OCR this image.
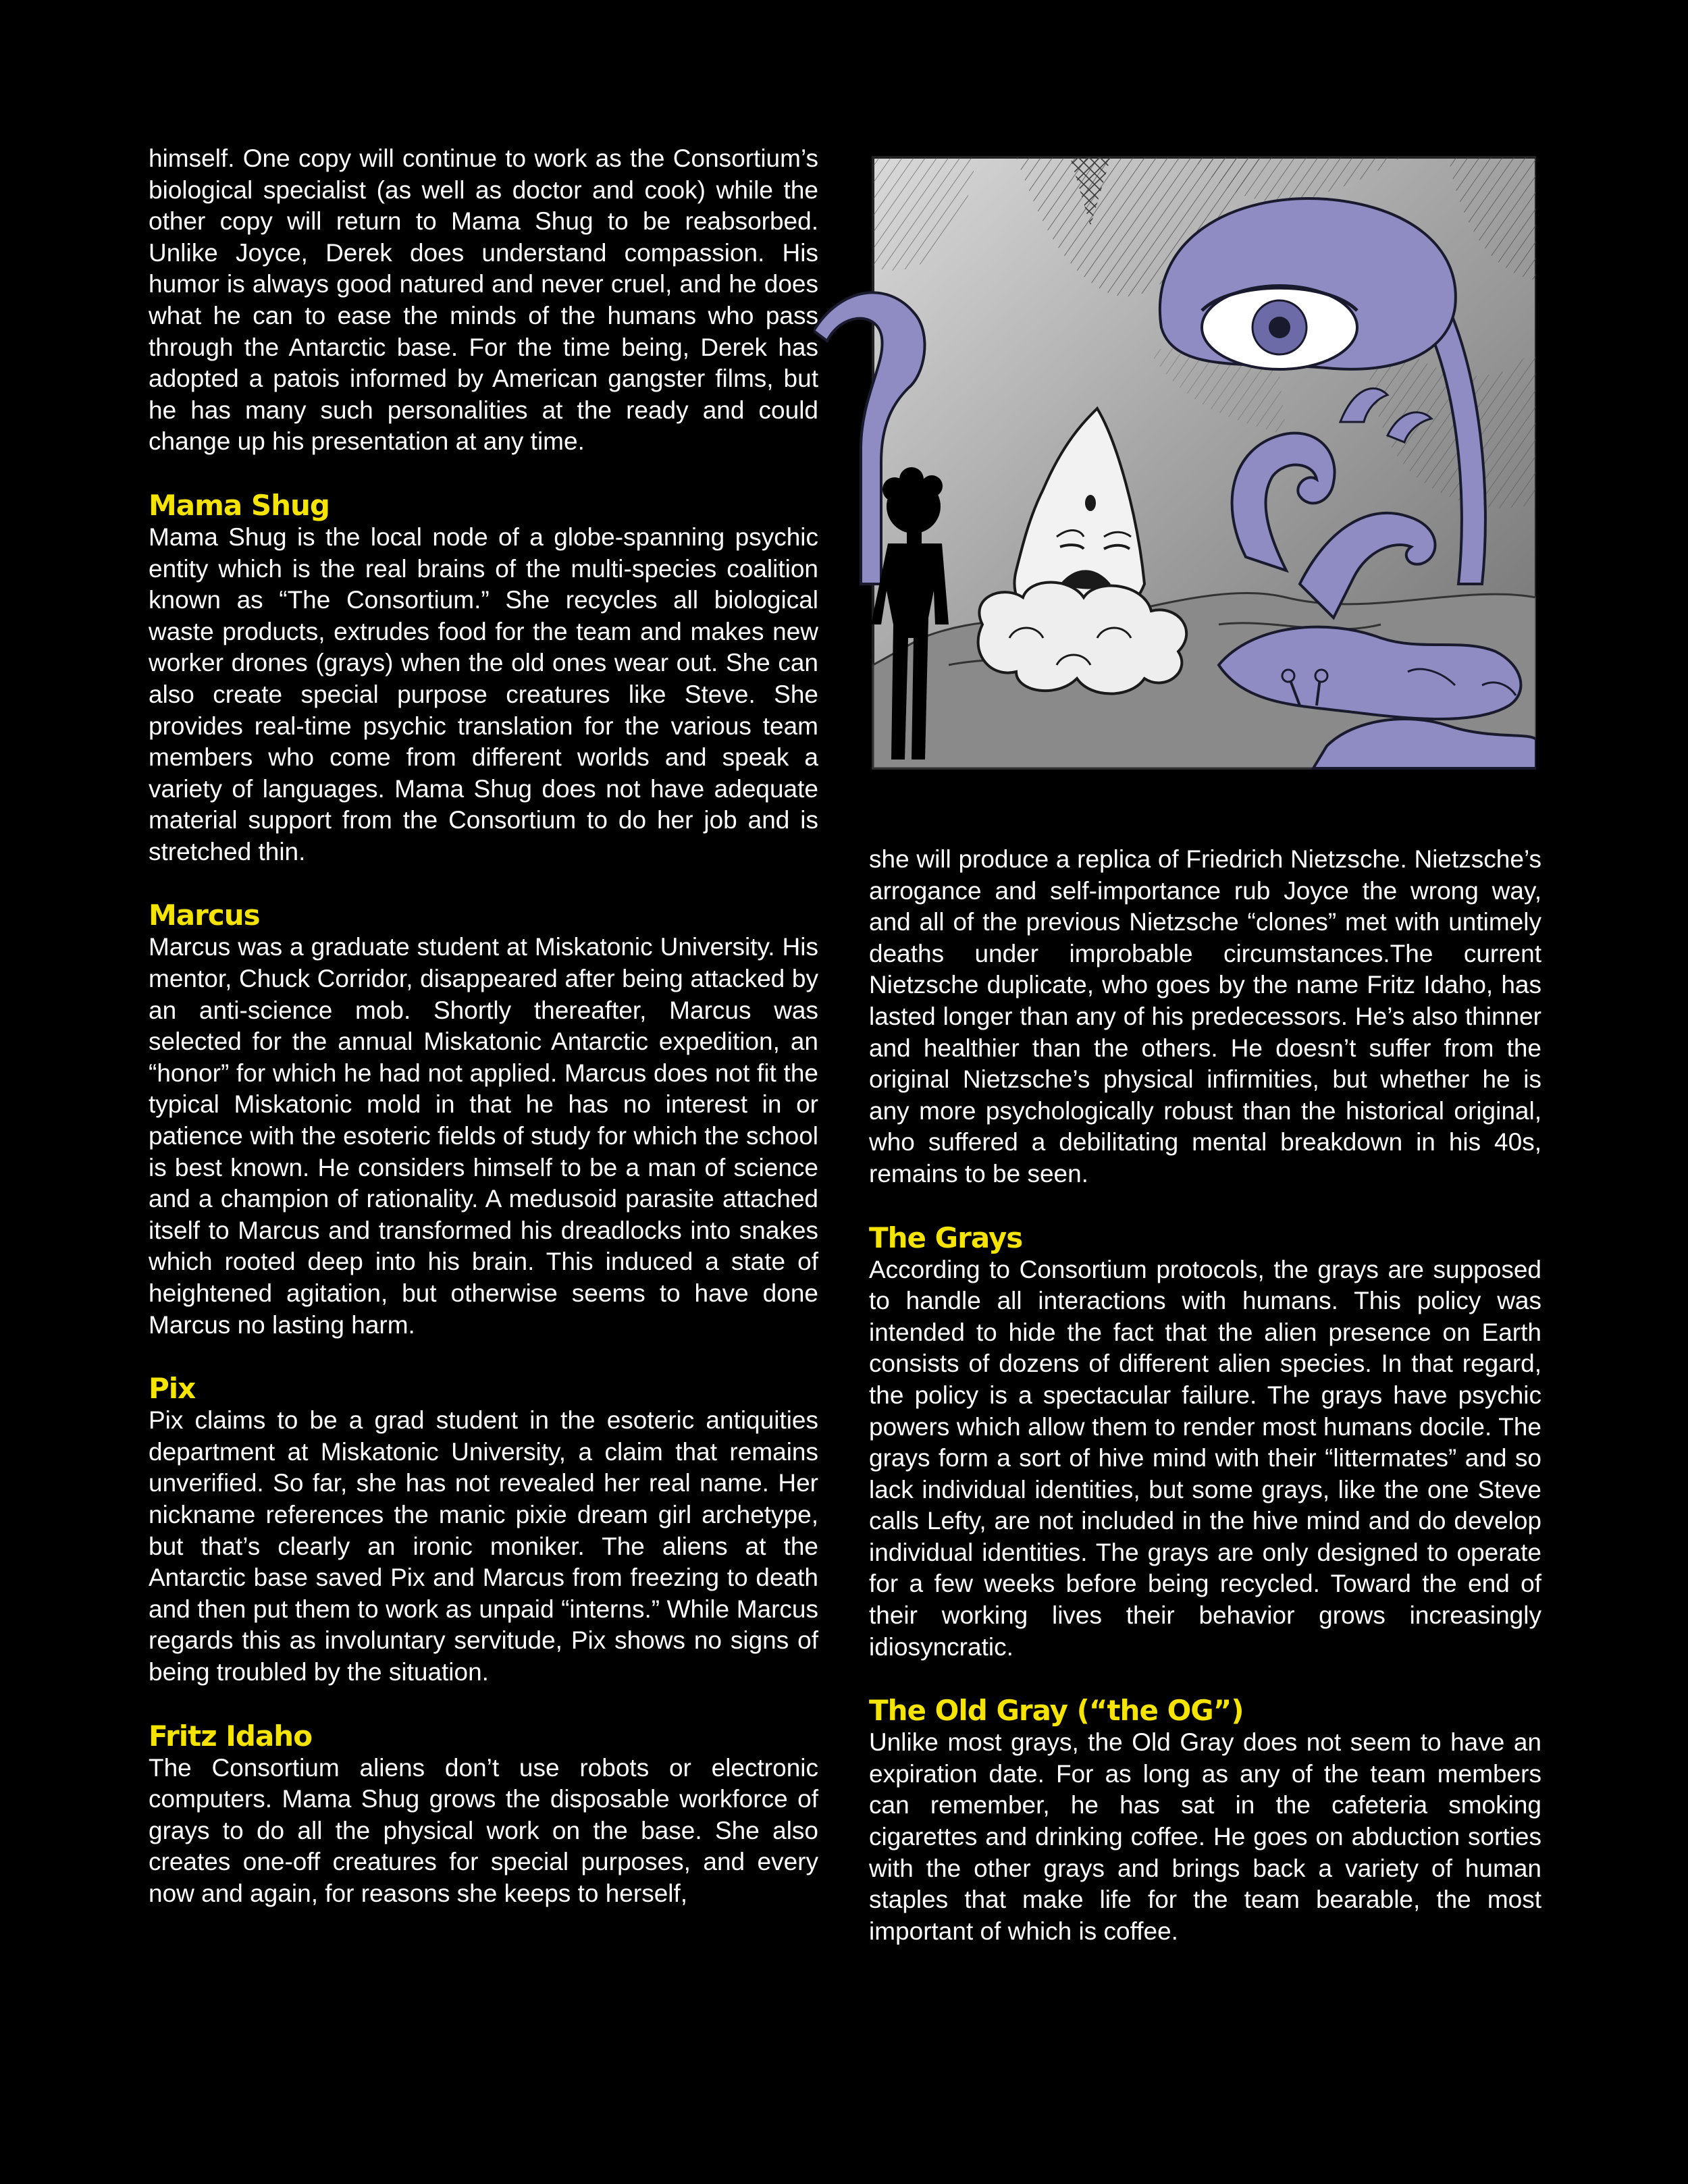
himself. One copy will continue to work as the Consortium’s biological specialist (as well as doctor and cook) while the other copy will return to Mama Shug to be reabsorbed. Unlike Joyce, Derek does understand compassion. His humor is always good natured and never cruel, and he does what he can to ease the minds of the humans who pass through the Antarctic base. For the time being, Derek has adopted a patois informed by American gangster films, but he has many such personalities at the ready and could change up his presentation at any time.

Mama Shug

Mama Shug is the local node of a globe-spanning psychic entity which is the real brains of the multi-species coalition known as “The Consortium.” She recycles all biological waste products, extrudes food for the team and makes new worker drones (grays) when the old ones wear out. She can also create special purpose creatures like Steve. She provides real-time psychic translation for the various team members who come from different worlds and speak a variety of languages. Mama Shug does not have adequate material support from the Consortium to do her job and is stretched thin.

Marcus

Marcus was a graduate student at Miskatonic University. His mentor, Chuck Corridor, disappeared after being attacked by an anti-science mob. Shortly thereafter, Marcus was selected for the annual Miskatonic Antarctic expedition, an “honor” for which he had not applied. Marcus does not fit the typical Miskatonic mold in that he has no interest in or patience with the esoteric fields of study for which the school is best known. He considers himself to be a man of science and a champion of rationality. A medusoid parasite attached itself to Marcus and transformed his dreadlocks into snakes which rooted deep into his brain. This induced a state of heightened agitation, but otherwise seems to have done Marcus no lasting harm.

Pix

Pix claims to be a grad student in the esoteric antiquities department at Miskatonic University, a claim that remains unverified. So far, she has not revealed her real name. Her nickname references the manic pixie dream girl archetype, but that’s clearly an ironic moniker. The aliens at the Antarctic base saved Pix and Marcus from freezing to death and then put them to work as unpaid “interns.” While Marcus regards this as involuntary servitude, Pix shows no signs of being troubled by the situation.

Fritz Idaho

The Consortium aliens don’t use robots or electronic computers. Mama Shug grows the disposable workforce of grays to do all the physical work on the base. She also creates one-off creatures for special purposes, and every now and again, for reasons she keeps to herself,

she will produce a replica of Friedrich Nietzsche. Nietzsche’s arrogance and self-importance rub Joyce the wrong way, and all of the previous Nietzsche “clones” met with untimely deaths under improbable circumstances.The current Nietzsche duplicate, who goes by the name Fritz Idaho, has lasted longer than any of his predecessors. He’s also thinner and healthier than the others. He doesn’t suffer from the original Nietzsche’s physical infirmities, but whether he is any more psychologically robust than the historical original, who suffered a debilitating mental breakdown in his 40s, remains to be seen.

The Grays

According to Consortium protocols, the grays are supposed to handle all interactions with humans. This policy was intended to hide the fact that the alien presence on Earth consists of dozens of different alien species. In that regard, the policy is a spectacular failure. The grays have psychic powers which allow them to render most humans docile. The grays form a sort of hive mind with their “littermates” and so lack individual identities, but some grays, like the one Steve calls Lefty, are not included in the hive mind and do develop individual identities. The grays are only designed to operate for a few weeks before being recycled. Toward the end of their working lives their behavior grows increasingly idiosyncratic.

The Old Gray (“the OG”)

Unlike most grays, the Old Gray does not seem to have an expiration date. For as long as any of the team members can remember, he has sat in the cafeteria smoking cigarettes and drinking coffee. He goes on abduction sorties with the other grays and brings back a variety of human staples that make life for the team bearable, the most important of which is coffee.
